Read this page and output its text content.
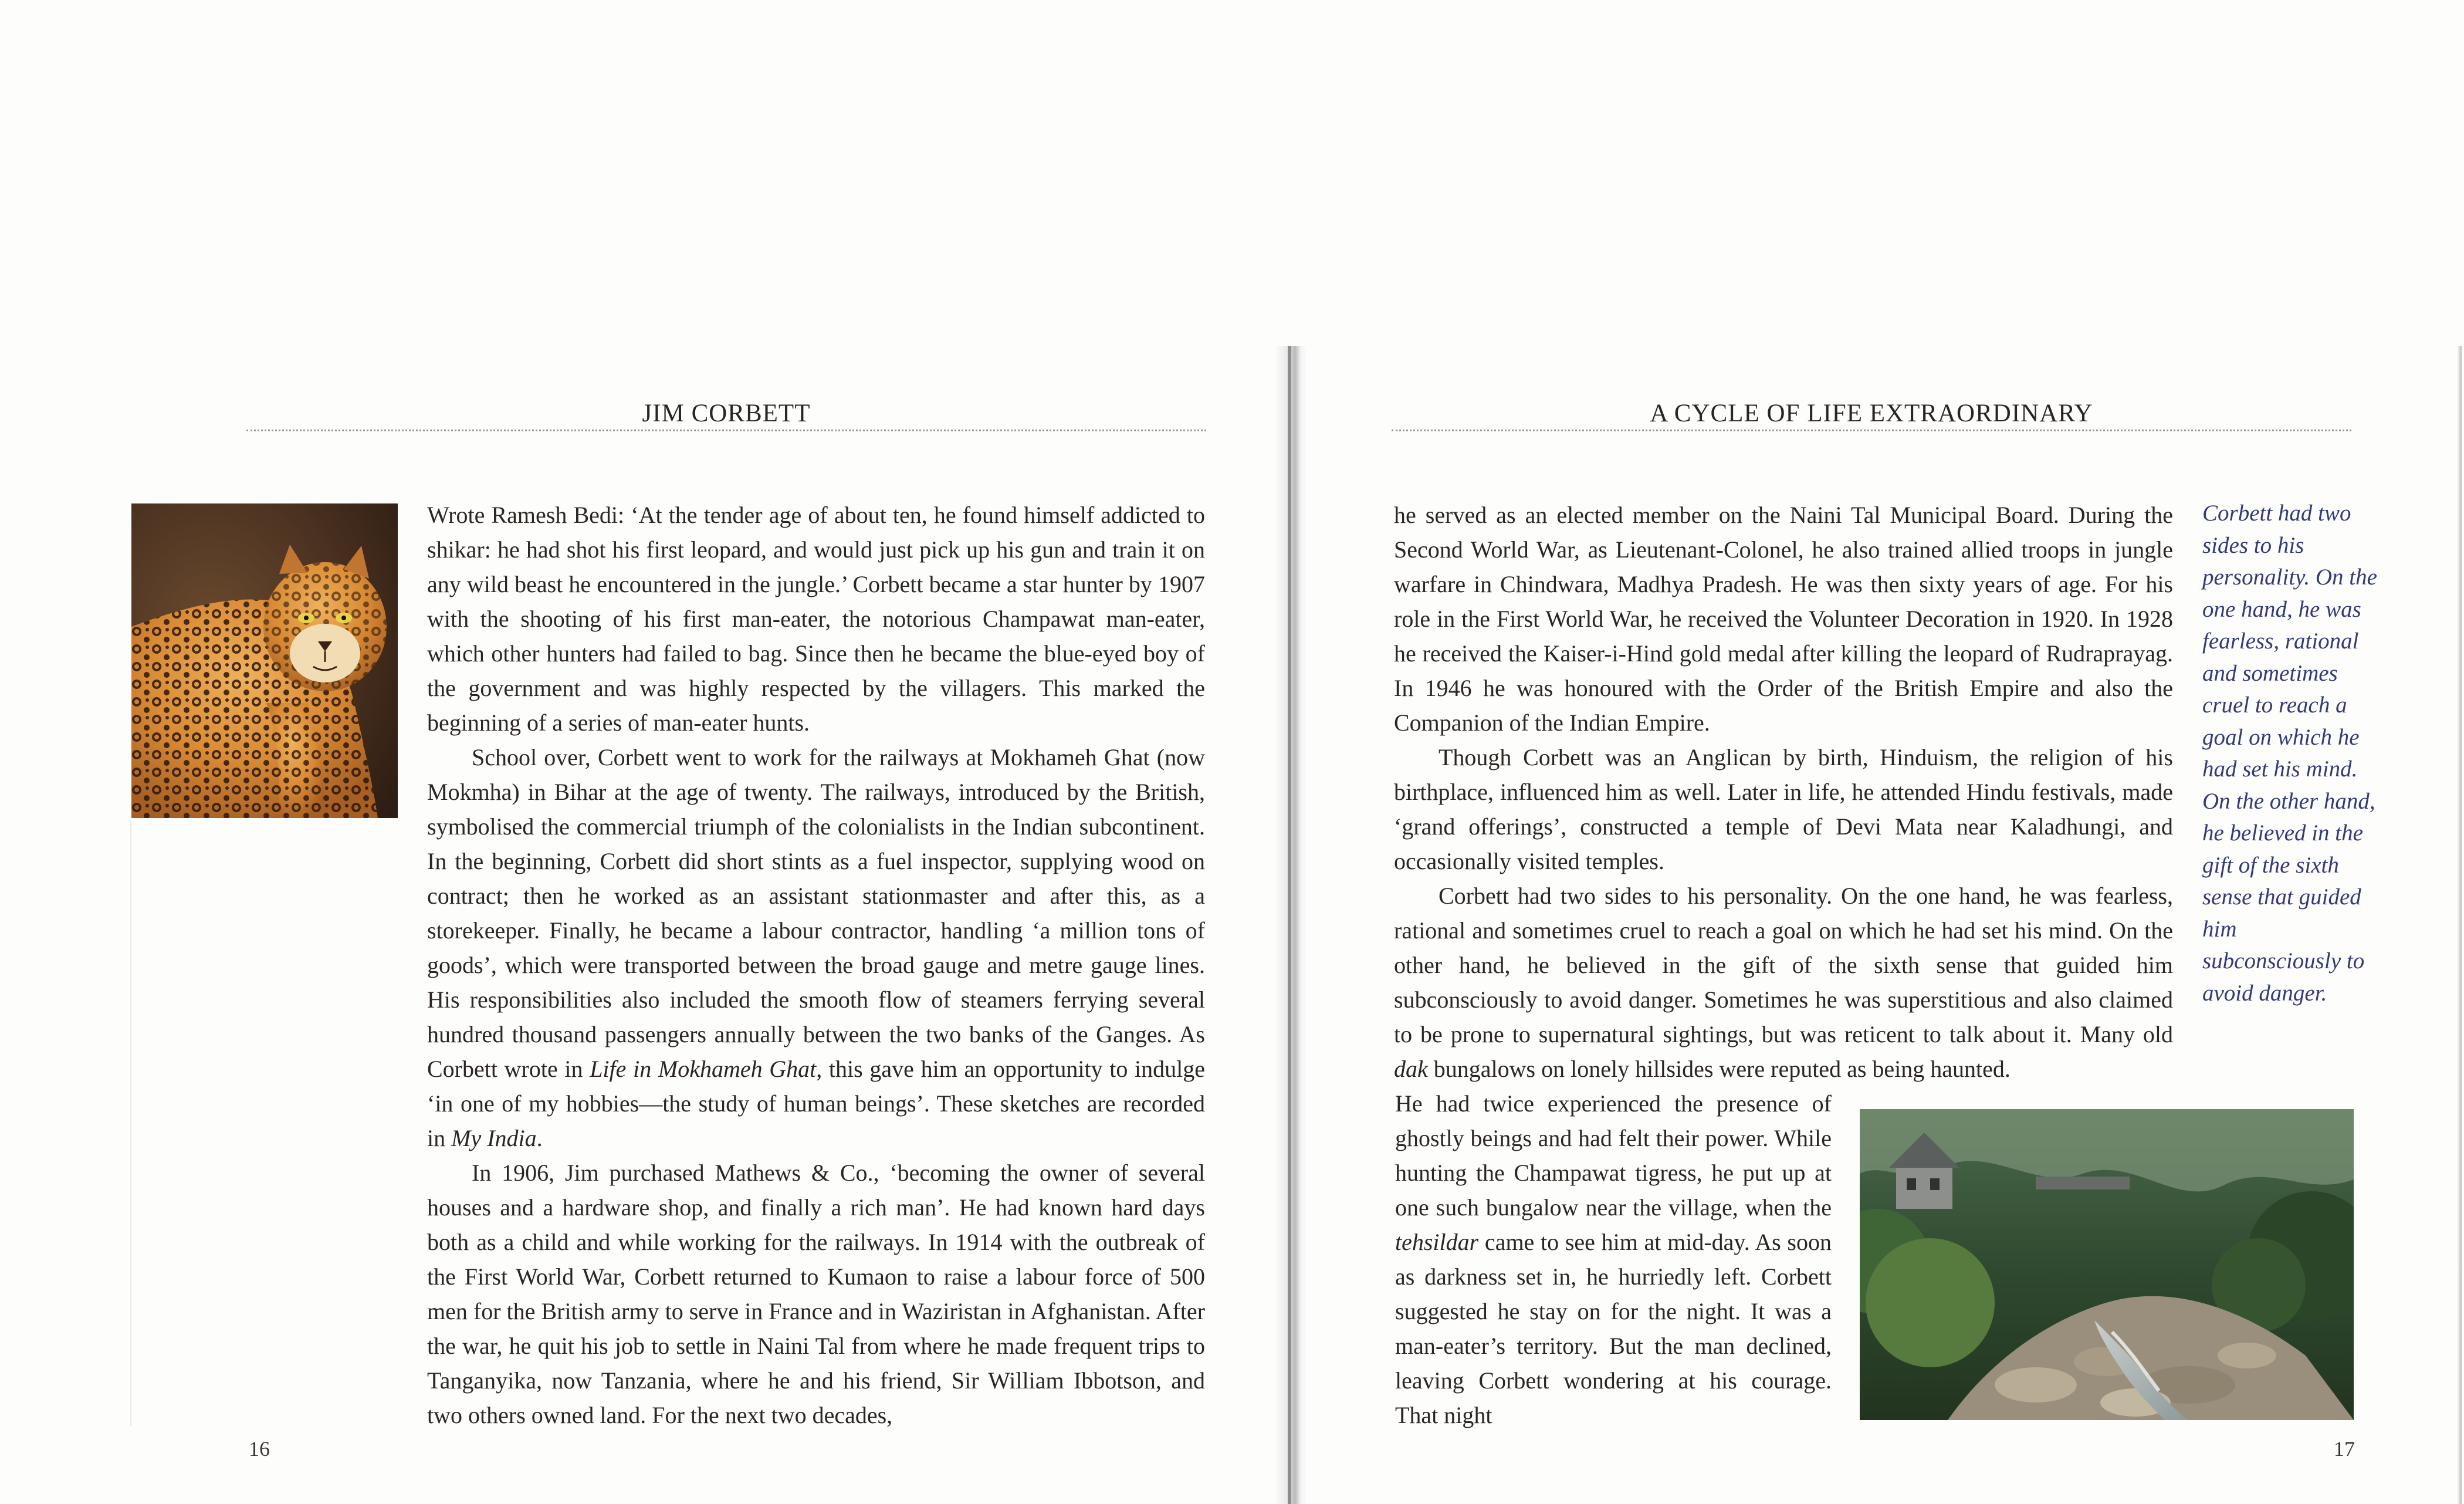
JIM CORBETT

Wrote Ramesh Bedi: ‘At the tender age of about ten, he found himself addicted to shikar: he had shot his first leopard, and would just pick up his gun and train it on any wild beast he encountered in the jungle.’ Corbett became a star hunter by 1907 with the shooting of his first man-eater, the notorious Champawat man-eater, which other hunters had failed to bag. Since then he became the blue-eyed boy of the government and was highly respected by the villagers. This marked the beginning of a series of man-eater hunts.

School over, Corbett went to work for the railways at Mokhameh Ghat (now Mokmha) in Bihar at the age of twenty. The railways, introduced by the British, symbolised the commercial triumph of the colonialists in the Indian subcontinent. In the beginning, Corbett did short stints as a fuel inspector, supplying wood on contract; then he worked as an assistant stationmaster and after this, as a storekeeper. Finally, he became a labour contractor, handling ‘a million tons of goods’, which were transported between the broad gauge and metre gauge lines. His responsibilities also included the smooth flow of steamers ferrying several hundred thousand passengers annually between the two banks of the Ganges. As Corbett wrote in Life in Mokhameh Ghat, this gave him an opportunity to indulge ‘in one of my hobbies—the study of human beings’. These sketches are recorded in My India.

In 1906, Jim purchased Mathews & Co., ‘becoming the owner of several houses and a hardware shop, and finally a rich man’. He had known hard days both as a child and while working for the railways. In 1914 with the outbreak of the First World War, Corbett returned to Kumaon to raise a labour force of 500 men for the British army to serve in France and in Waziristan in Afghanistan. After the war, he quit his job to settle in Naini Tal from where he made frequent trips to Tanganyika, now Tanzania, where he and his friend, Sir William Ibbotson, and two others owned land. For the next two decades,

16
A CYCLE OF LIFE EXTRAORDINARY

he served as an elected member on the Naini Tal Municipal Board. During the Second World War, as Lieutenant-Colonel, he also trained allied troops in jungle warfare in Chindwara, Madhya Pradesh. He was then sixty years of age. For his role in the First World War, he received the Volunteer Decoration in 1920. In 1928 he received the Kaiser-i-Hind gold medal after killing the leopard of Rudraprayag. In 1946 he was honoured with the Order of the British Empire and also the Companion of the Indian Empire.

Though Corbett was an Anglican by birth, Hinduism, the religion of his birthplace, influenced him as well. Later in life, he attended Hindu festivals, made ‘grand offerings’, constructed a temple of Devi Mata near Kaladhungi, and occasionally visited temples.

Corbett had two sides to his personality. On the one hand, he was fearless, rational and sometimes cruel to reach a goal on which he had set his mind. On the other hand, he believed in the gift of the sixth sense that guided him subconsciously to avoid danger. Sometimes he was superstitious and also claimed to be prone to supernatural sightings, but was reticent to talk about it. Many old dak bungalows on lonely hillsides were reputed as being haunted.

Corbett had two sides to his personality. On the one hand, he was fearless, rational and sometimes cruel to reach a goal on which he had set his mind. On the other hand, he believed in the gift of the sixth sense that guided him subconsciously to avoid danger.

He had twice experienced the presence of ghostly beings and had felt their power. While hunting the Champawat tigress, he put up at one such bungalow near the village, when the tehsildar came to see him at mid-day. As soon as darkness set in, he hurriedly left. Corbett suggested he stay on for the night. It was a man-eater’s territory. But the man declined, leaving Corbett wondering at his courage. That night

17
